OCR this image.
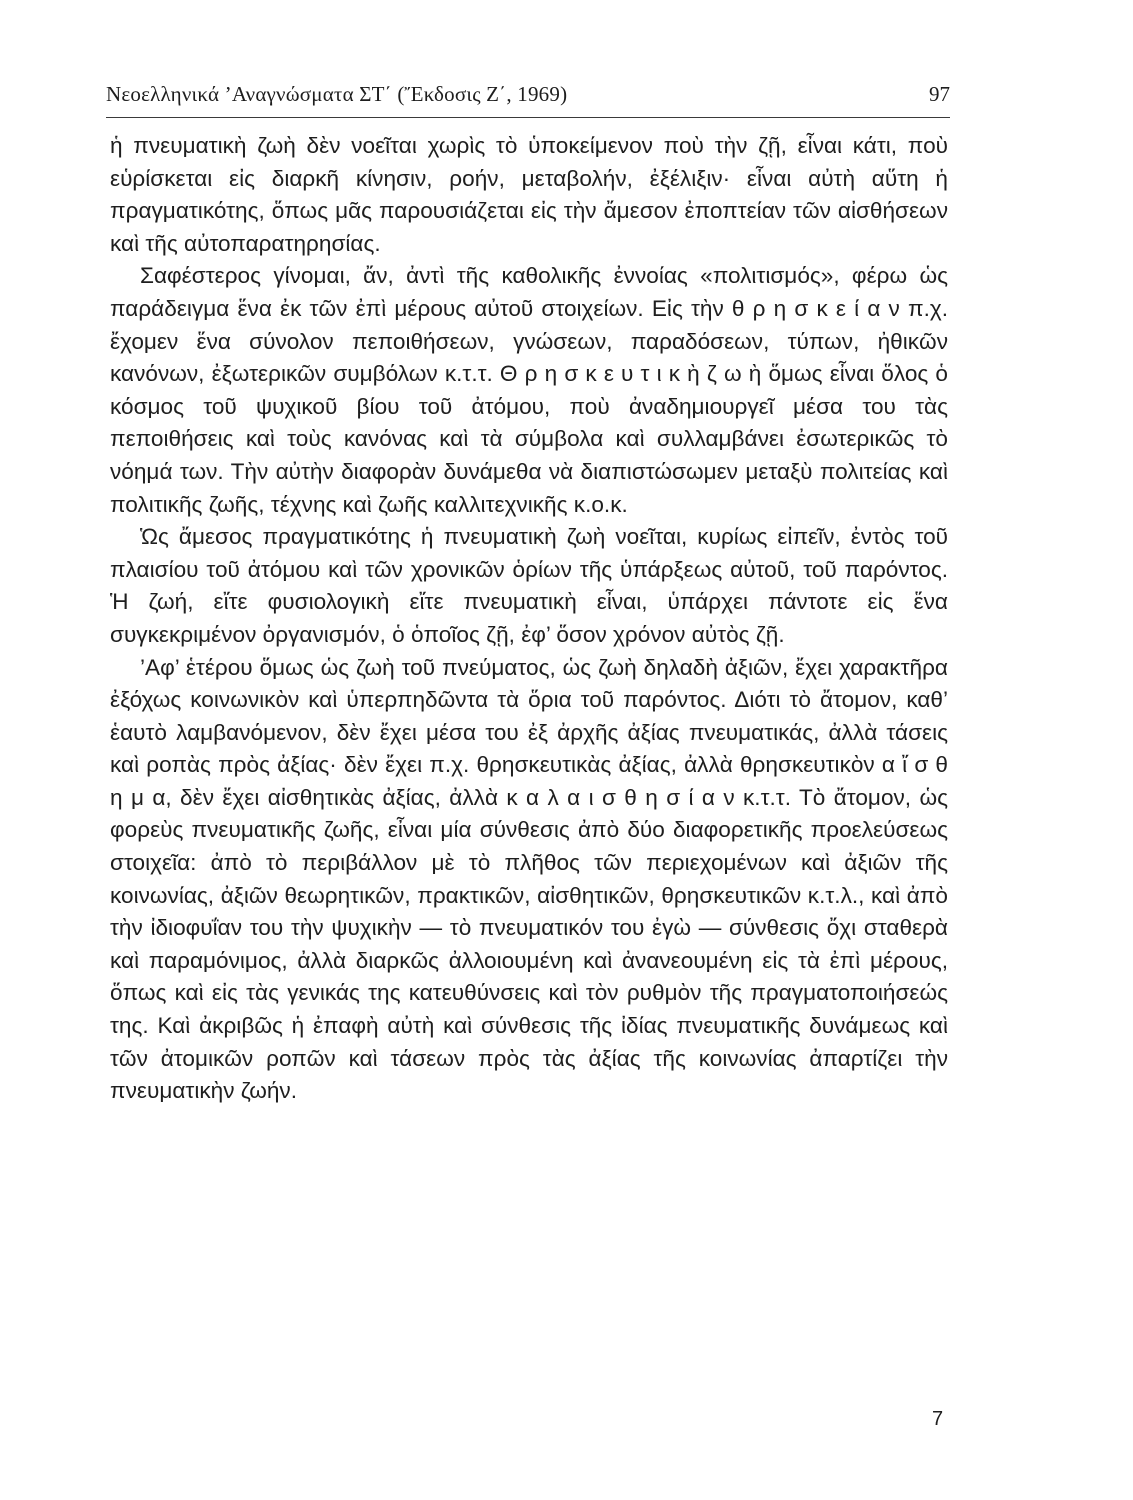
Νεοελληνικά ’Αναγνώσματα ΣΤ΄ (Ἔκδοσις Ζ΄, 1969)	97

ἡ πνευματικὴ ζωὴ δὲν νοεῖται χωρὶς τὸ ὑποκείμενον ποὺ τὴν ζῇ, εἶναι κάτι, ποὺ εὑρίσκεται εἰς διαρκῆ κίνησιν, ροήν, μεταβολήν, ἐξέλιξιν· εἶναι αὐτὴ αὕτη ἡ πραγματικότης, ὅπως μᾶς παρουσιάζεται εἰς τὴν ἄμεσον ἐποπτείαν τῶν αἰσθήσεων καὶ τῆς αὐτοπαρατηρησίας.

Σαφέστερος γίνομαι, ἄν, ἀντὶ τῆς καθολικῆς ἐννοίας «πολιτισμός», φέρω ὡς παράδειγμα ἕνα ἐκ τῶν ἐπὶ μέρους αὐτοῦ στοιχείων. Εἰς τὴν θ ρ η σ κ ε ί α ν π.χ. ἔχομεν ἕνα σύνολον πεποιθήσεων, γνώσεων, παραδόσεων, τύπων, ἠθικῶν κανόνων, ἐξωτερικῶν συμβόλων κ.τ.τ. Θ ρ η σ κ ε υ τ ι κ ὴ ζ ω ὴ ὅμως εἶναι ὅλος ὁ κόσμος τοῦ ψυχικοῦ βίου τοῦ ἀτόμου, ποὺ ἀναδημιουργεῖ μέσα του τὰς πεποιθήσεις καὶ τοὺς κανόνας καὶ τὰ σύμβολα καὶ συλλαμβάνει ἐσωτερικῶς τὸ νόημά των. Τὴν αὐτὴν διαφορὰν δυνάμεθα νὰ διαπιστώσωμεν μεταξὺ πολιτείας καὶ πολιτικῆς ζωῆς, τέχνης καὶ ζωῆς καλλιτεχνικῆς κ.ο.κ.

Ὡς ἄμεσος πραγματικότης ἡ πνευματικὴ ζωὴ νοεῖται, κυρίως εἰπεῖν, ἐντὸς τοῦ πλαισίου τοῦ ἀτόμου καὶ τῶν χρονικῶν ὁρίων τῆς ὑπάρξεως αὐτοῦ, τοῦ παρόντος. Ἡ ζωή, εἴτε φυσιολογικὴ εἴτε πνευματικὴ εἶναι, ὑπάρχει πάντοτε εἰς ἕνα συγκεκριμένον ὀργανισμόν, ὁ ὁποῖος ζῇ, ἐφ’ ὅσον χρόνον αὐτὸς ζῇ.

’Αφ’ ἑτέρου ὅμως ὡς ζωὴ τοῦ πνεύματος, ὡς ζωὴ δηλαδὴ ἀξιῶν, ἔχει χαρακτῆρα ἐξόχως κοινωνικὸν καὶ ὑπερπηδῶντα τὰ ὅρια τοῦ παρόντος. Διότι τὸ ἄτομον, καθ’ ἑαυτὸ λαμβανόμενον, δὲν ἔχει μέσα του ἐξ ἀρχῆς ἀξίας πνευματικάς, ἀλλὰ τάσεις καὶ ροπὰς πρὸς ἀξίας· δὲν ἔχει π.χ. θρησκευτικὰς ἀξίας, ἀλλὰ θρησκευτικὸν α ἴ σ θ η μ α, δὲν ἔχει αἰσθητικὰς ἀξίας, ἀλλὰ κ α λ α ι σ θ η σ ί α ν κ.τ.τ. Τὸ ἄτομον, ὡς φορεὺς πνευματικῆς ζωῆς, εἶναι μία σύνθεσις ἀπὸ δύο διαφορετικῆς προελεύσεως στοιχεῖα: ἀπὸ τὸ περιβάλλον μὲ τὸ πλῆθος τῶν περιεχομένων καὶ ἀξιῶν τῆς κοινωνίας, ἀξιῶν θεωρητικῶν, πρακτικῶν, αἰσθητικῶν, θρησκευτικῶν κ.τ.λ., καὶ ἀπὸ τὴν ἰδιοφυΐαν του τὴν ψυχικὴν — τὸ πνευματικόν του ἐγὼ — σύνθεσις ὄχι σταθερὰ καὶ παραμόνιμος, ἀλλὰ διαρκῶς ἀλλοιουμένη καὶ ἀνανεουμένη εἰς τὰ ἐπὶ μέρους, ὅπως καὶ εἰς τὰς γενικάς της κατευθύνσεις καὶ τὸν ρυθμὸν τῆς πραγματοποιήσεώς της. Καὶ ἀκριβῶς ἡ ἐπαφὴ αὐτὴ καὶ σύνθεσις τῆς ἰδίας πνευματικῆς δυνάμεως καὶ τῶν ἀτομικῶν ροπῶν καὶ τάσεων πρὸς τὰς ἀξίας τῆς κοινωνίας ἀπαρτίζει τὴν πνευματικὴν ζωήν.

7
